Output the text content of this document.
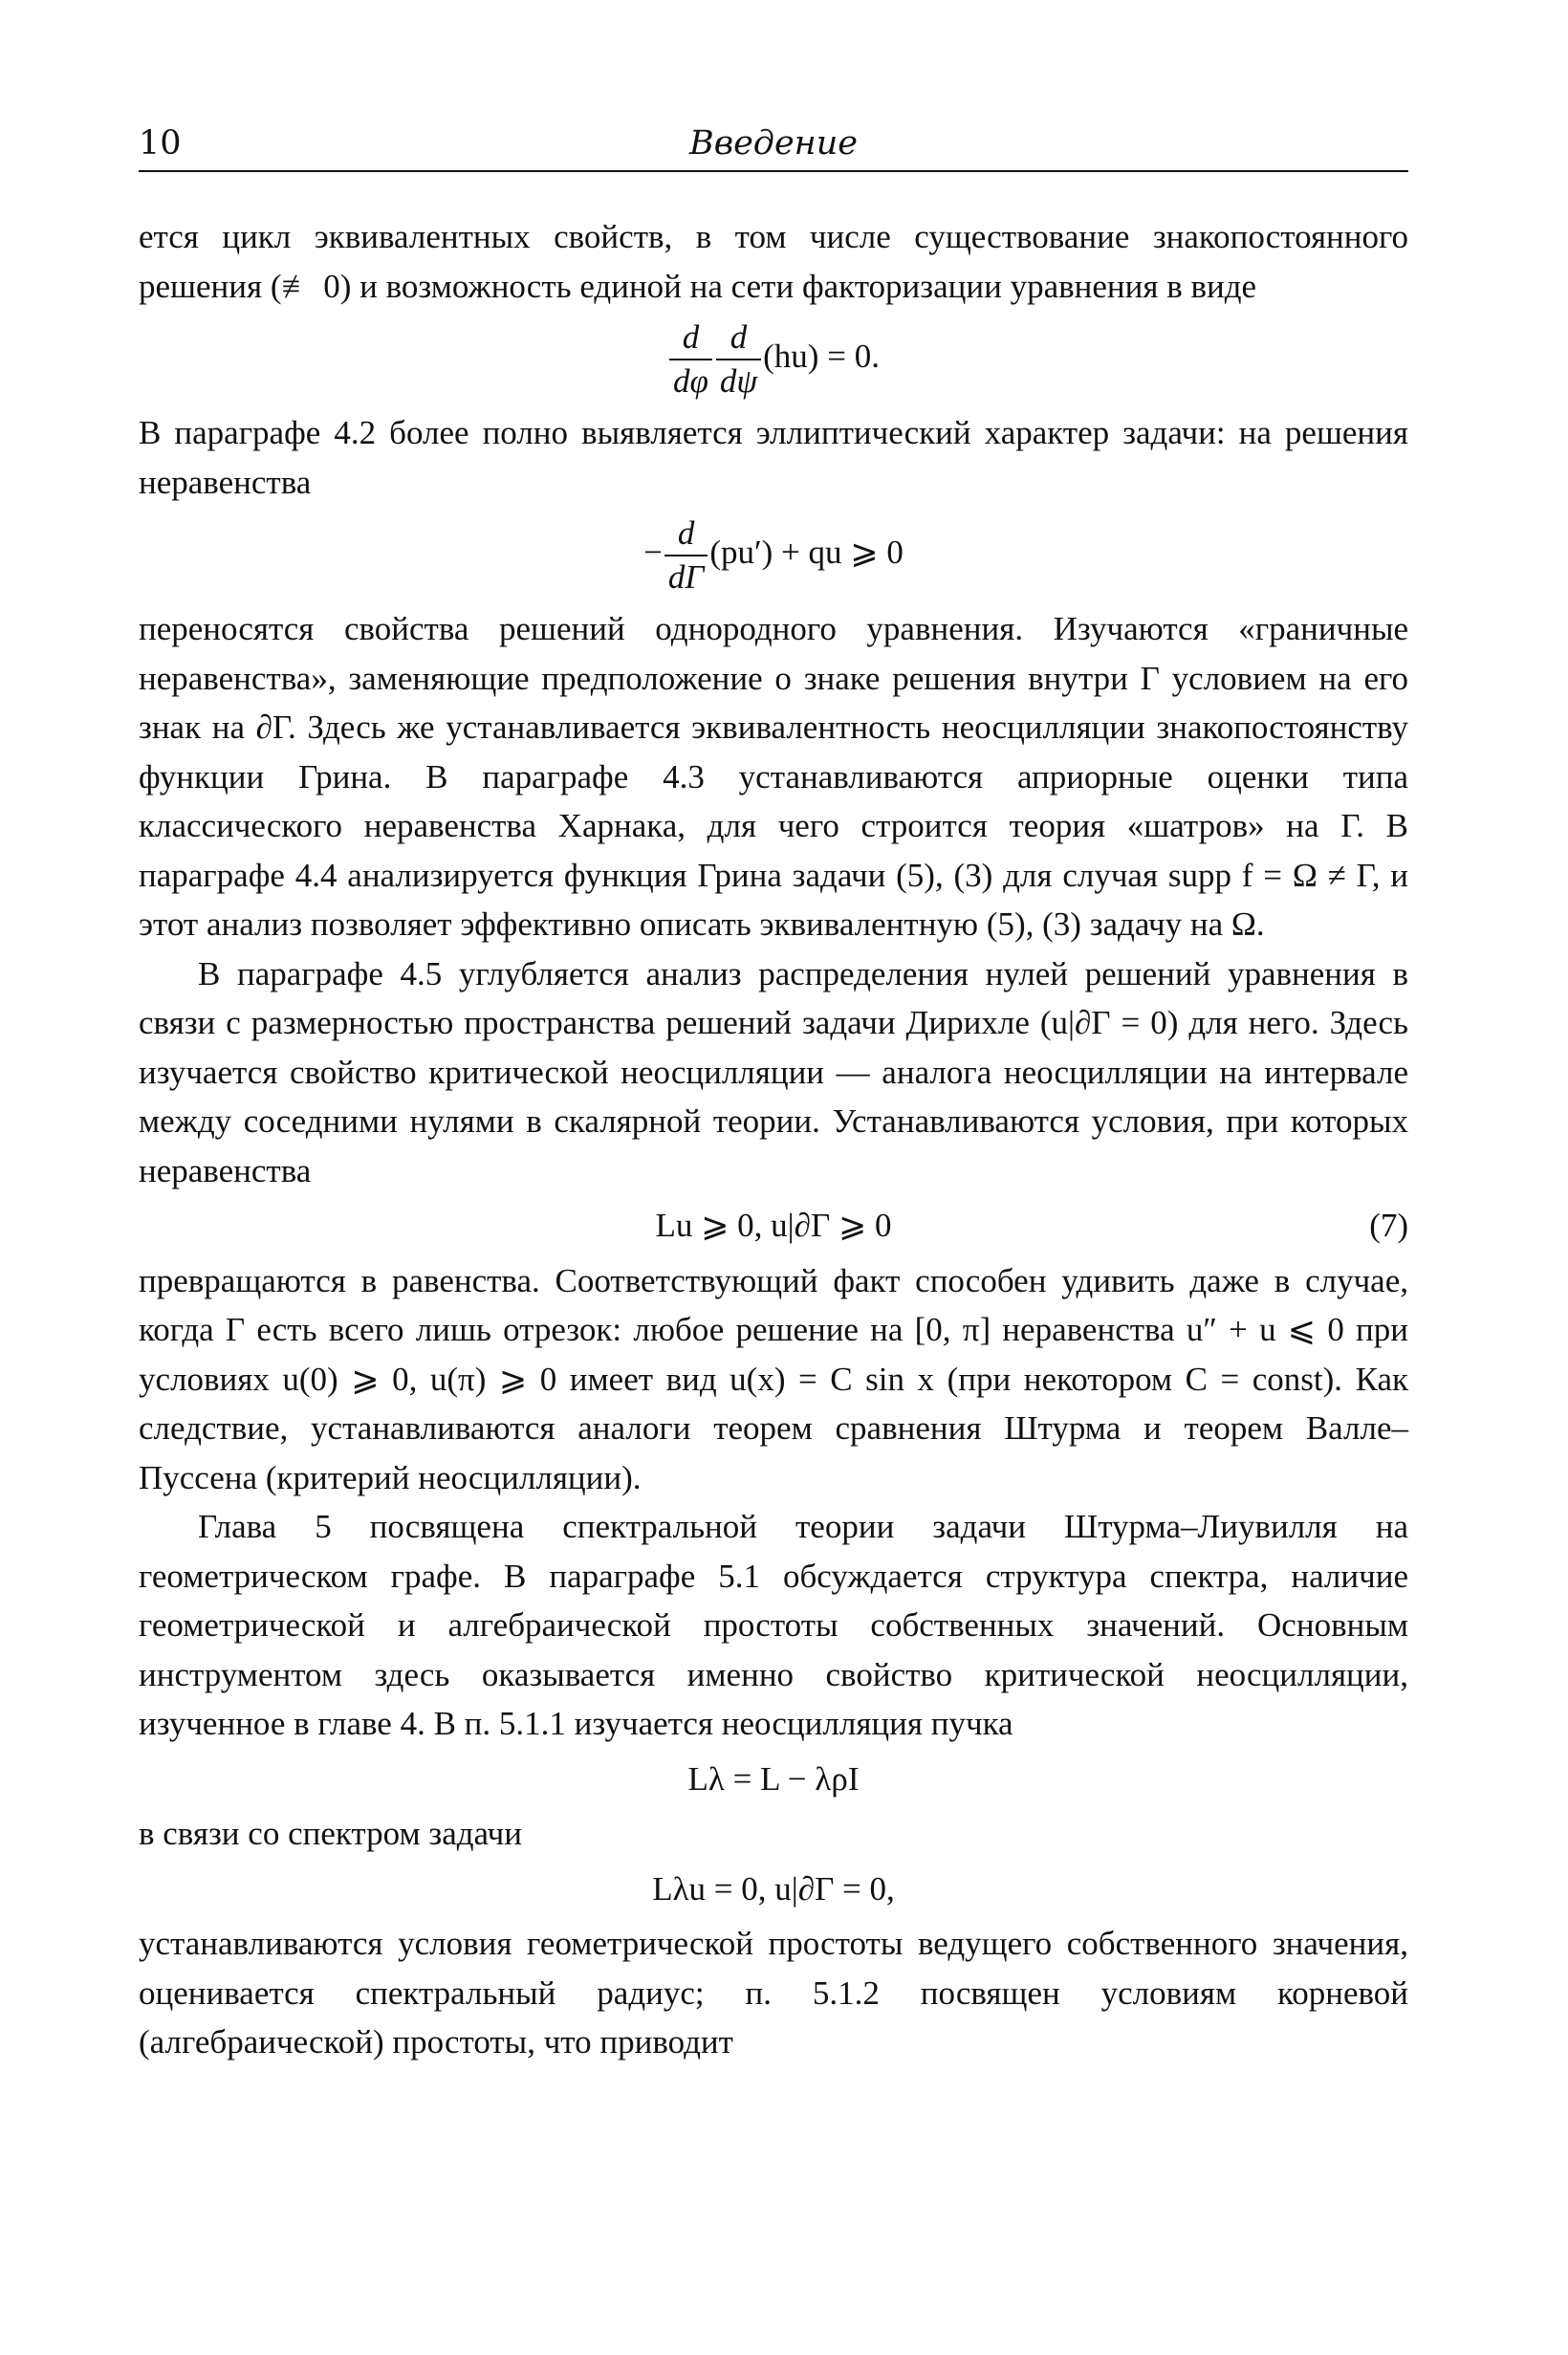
10	Введение

ется цикл эквивалентных свойств, в том числе существование знакопостоянного решения (≢ 0) и возможность единой на сети факторизации уравнения в виде

$\frac{d}{d\varphi} \frac{d}{d\psi} (hu) = 0$.

В параграфе 4.2 более полно выявляется эллиптический характер задачи: на решения неравенства

− $\frac{d}{d\Gamma} (pu')$ + qu ⩾ 0

переносятся свойства решений однородного уравнения. Изучаются «граничные неравенства», заменяющие предположение о знаке решения внутри Γ условием на его знак на ∂Γ. Здесь же устанавливается эквивалентность неосцилляции знакопостоянству функции Грина. В параграфе 4.3 устанавливаются априорные оценки типа классического неравенства Харнака, для чего строится теория «шатров» на Γ. В параграфе 4.4 анализируется функция Грина задачи (5), (3) для случая supp f = Ω ≠ Γ, и этот анализ позволяет эффективно описать эквивалентную (5), (3) задачу на Ω.

В параграфе 4.5 углубляется анализ распределения нулей решений уравнения в связи с размерностью пространства решений задачи Дирихле (u|∂Γ = 0) для него. Здесь изучается свойство критической неосцилляции — аналога неосцилляции на интервале между соседними нулями в скалярной теории. Устанавливаются условия, при которых неравенства

Lu ⩾ 0, u|∂Γ ⩾ 0	(7)

превращаются в равенства. Соответствующий факт способен удивить даже в случае, когда Γ есть всего лишь отрезок: любое решение на [0, π] неравенства u″ + u ⩽ 0 при условиях u(0) ⩾ 0, u(π) ⩾ 0 имеет вид u(x) = C sin x (при некотором C = const). Как следствие, устанавливаются аналоги теорем сравнения Штурма и теорем Валле–Пуссена (критерий неосцилляции).

Глава 5 посвящена спектральной теории задачи Штурма–Лиувилля на геометрическом графе. В параграфе 5.1 обсуждается структура спектра, наличие геометрической и алгебраической простоты собственных значений. Основным инструментом здесь оказывается именно свойство критической неосцилляции, изученное в главе 4. В п. 5.1.1 изучается неосцилляция пучка

Lλ = L − λρI

в связи со спектром задачи

Lλu = 0, u|∂Γ = 0,

устанавливаются условия геометрической простоты ведущего собственного значения, оценивается спектральный радиус; п. 5.1.2 посвящен условиям корневой (алгебраической) простоты, что приводит
